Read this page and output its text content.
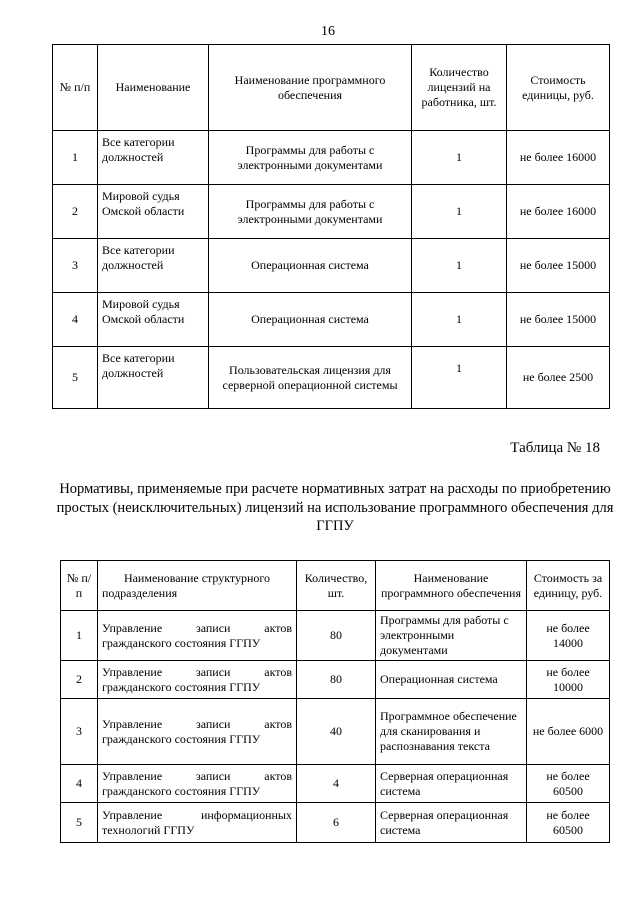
16
№ п/п	Наименование	Наименование программного обеспечения	Количество лицензий на работника, шт.	Стоимость единицы, руб.
1	Все категории должностей	Программы для работы с электронными документами	1	не более 16000
2	Мировой судья Омской области	Программы для работы с электронными документами	1	не более 16000
3	Все категории должностей	Операционная система	1	не более 15000
4	Мировой судья Омской области	Операционная система	1	не более 15000
5	Все категории должностей	Пользовательская лицензия для серверной операционной системы	1	не более 2500
Таблица № 18
Нормативы, применяемые при расчете нормативных затрат на расходы по приобретению простых (неисключительных) лицензий на использование программного обеспечения для ГГПУ
№ п/п	Наименование структурного подразделения	Количество, шт.	Наименование программного обеспечения	Стоимость за единицу, руб.
1	Управление записи актов гражданского состояния ГГПУ	80	Программы для работы с электронными документами	не более 14000
2	Управление записи актов гражданского состояния ГГПУ	80	Операционная система	не более 10000
3	Управление записи актов гражданского состояния ГГПУ	40	Программное обеспечение для сканирования и распознавания текста	не более 6000
4	Управление записи актов гражданского состояния ГГПУ	4	Серверная операционная система	не более 60500
5	Управление информационных технологий ГГПУ	6	Серверная операционная система	не более 60500
